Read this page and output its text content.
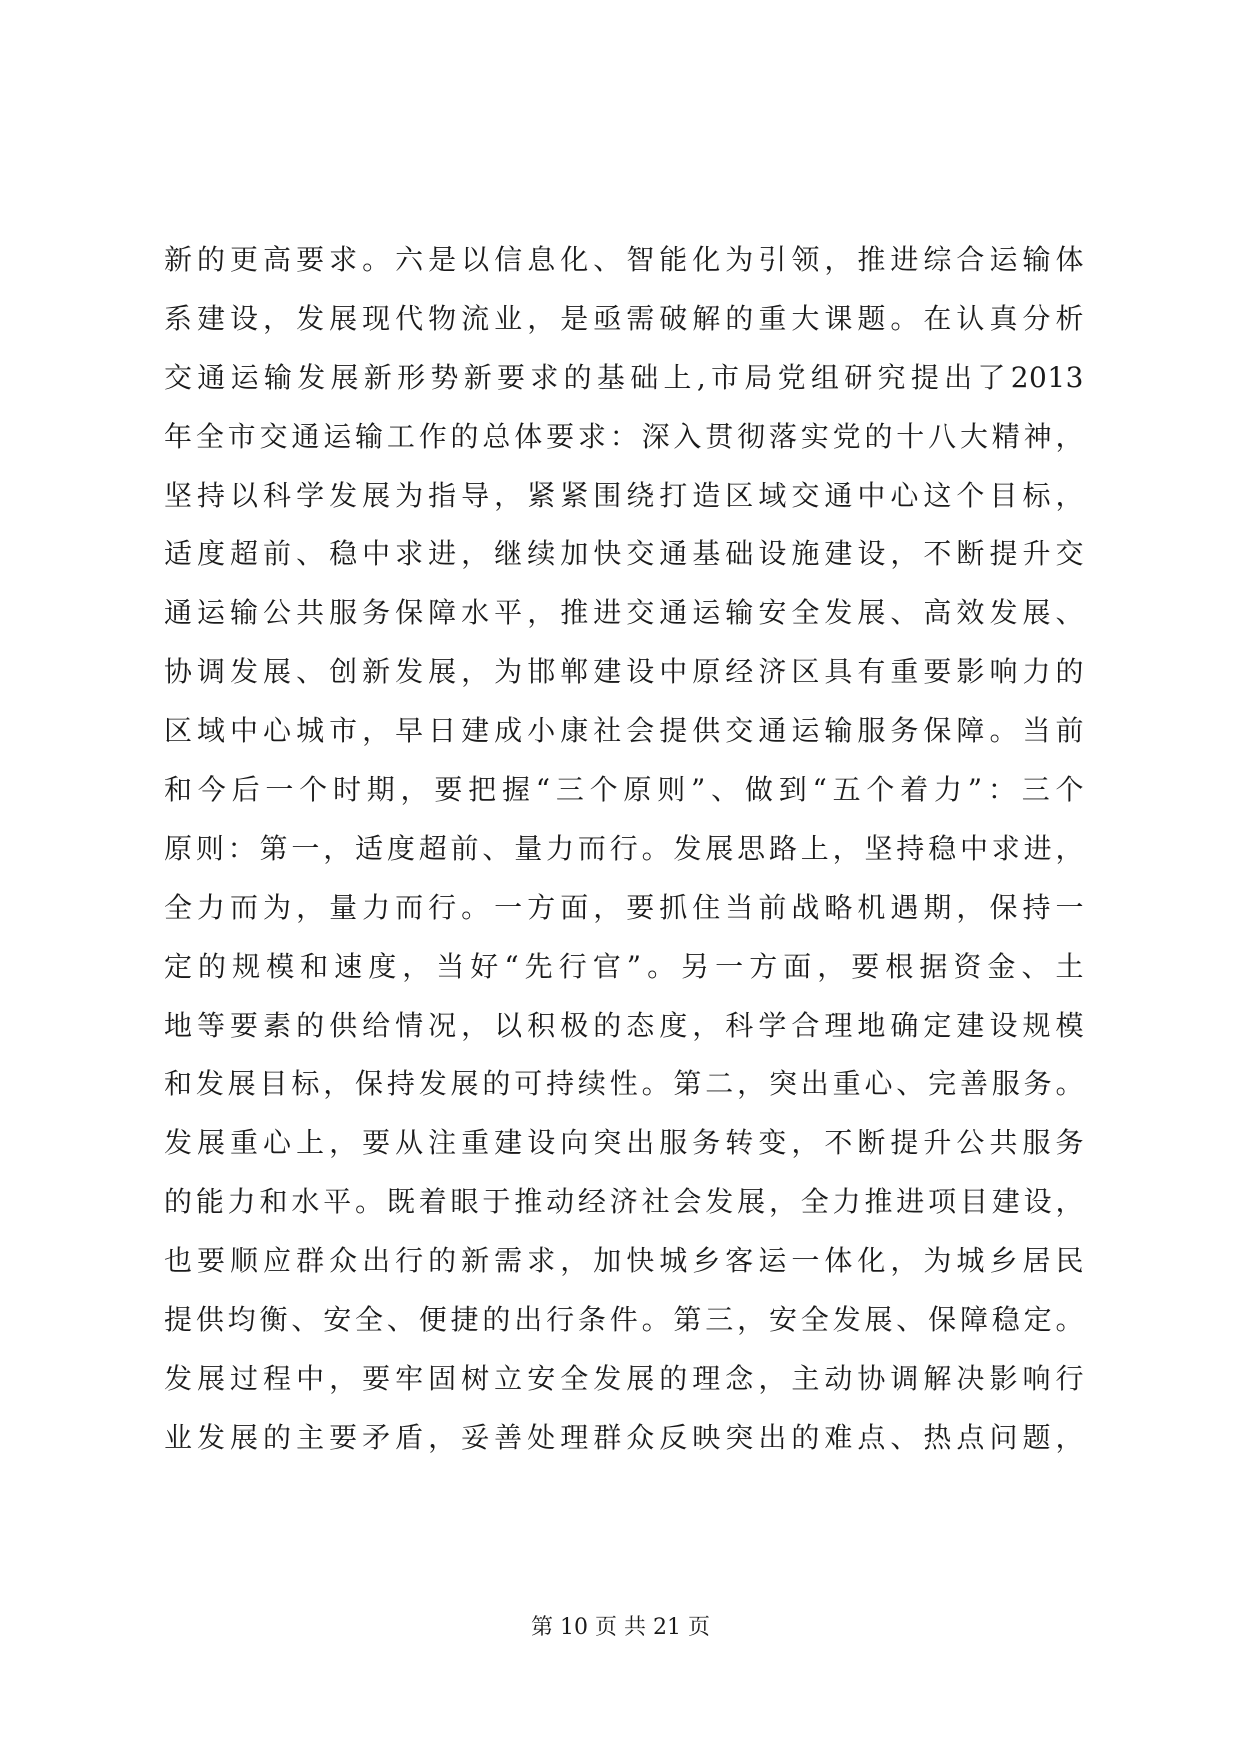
新的更高要求。六是以信息化、智能化为引领，推进综合运输体
系建设，发展现代物流业，是亟需破解的重大课题。在认真分析
交通运输发展新形势新要求的基础上,市局党组研究提出了2013
年全市交通运输工作的总体要求：深入贯彻落实党的十八大精神，
坚持以科学发展为指导，紧紧围绕打造区域交通中心这个目标，
适度超前、稳中求进，继续加快交通基础设施建设，不断提升交
通运输公共服务保障水平，推进交通运输安全发展、高效发展、
协调发展、创新发展，为邯郸建设中原经济区具有重要影响力的
区域中心城市，早日建成小康社会提供交通运输服务保障。当前
和今后一个时期，要把握“三个原则”、做到“五个着力”：三个
原则：第一，适度超前、量力而行。发展思路上，坚持稳中求进，
全力而为，量力而行。一方面，要抓住当前战略机遇期，保持一
定的规模和速度，当好“先行官”。另一方面，要根据资金、土
地等要素的供给情况，以积极的态度，科学合理地确定建设规模
和发展目标，保持发展的可持续性。第二，突出重心、完善服务。
发展重心上，要从注重建设向突出服务转变，不断提升公共服务
的能力和水平。既着眼于推动经济社会发展，全力推进项目建设，
也要顺应群众出行的新需求，加快城乡客运一体化，为城乡居民
提供均衡、安全、便捷的出行条件。第三，安全发展、保障稳定。
发展过程中，要牢固树立安全发展的理念，主动协调解决影响行
业发展的主要矛盾，妥善处理群众反映突出的难点、热点问题，
第 10 页 共 21 页
